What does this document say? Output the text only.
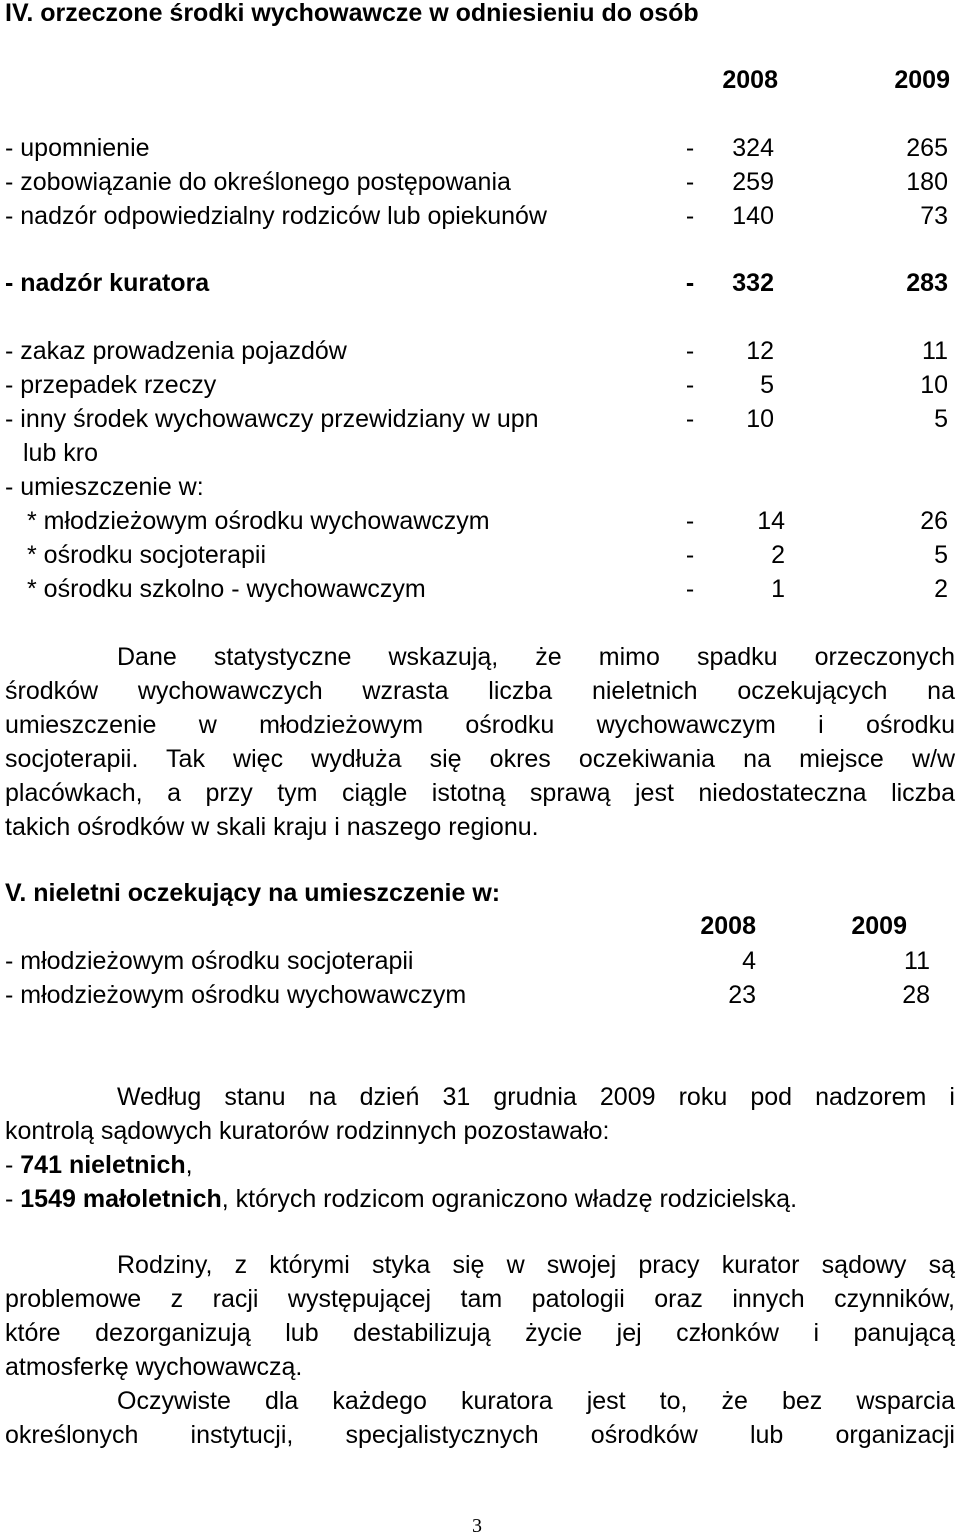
IV. orzeczone środki wychowawcze w odniesieniu do osób
2008	2009
- upomnienie	-	324	265
- zobowiązanie do określonego postępowania	-	259	180
- nadzór odpowiedzialny rodziców lub opiekunów	-	140	73
- nadzór kuratora	-	332	283
- zakaz prowadzenia pojazdów	-	12	11
- przepadek rzeczy	-	5	10
- inny środek wychowawczy przewidziany w upn	-	10	5
lub kro
- umieszczenie w:
* młodzieżowym ośrodku wychowawczym	-	14	26
* ośrodku socjoterapii	-	2	5
* ośrodku szkolno - wychowawczym	-	1	2

Dane statystyczne wskazują, że mimo spadku orzeczonych

środków wychowawczych wzrasta liczba nieletnich oczekujących na

umieszczenie w młodzieżowym ośrodku wychowawczym i ośrodku

socjoterapii. Tak więc wydłuża się okres oczekiwania na miejsce w/w

placówkach, a przy tym ciągle istotną sprawą jest niedostateczna liczba

takich ośrodków w skali kraju i naszego regionu.

V. nieletni oczekujący na umieszczenie w:
2008	2009
- młodzieżowym ośrodku socjoterapii	4	11
- młodzieżowym ośrodku wychowawczym	23	28

Według stanu na dzień 31 grudnia 2009 roku pod nadzorem i

kontrolą sądowych kuratorów rodzinnych pozostawało:

- 741 nieletnich,

- 1549 małoletnich, których rodzicom ograniczono władzę rodzicielską.

Rodziny, z którymi styka się w swojej pracy kurator sądowy są

problemowe z racji występującej tam patologii oraz innych czynników,

które dezorganizują lub destabilizują życie jej członków i panującą

atmosferkę wychowawczą.

Oczywiste dla każdego kuratora jest to, że bez wsparcia

określonych instytucji, specjalistycznych ośrodków lub organizacji

3
